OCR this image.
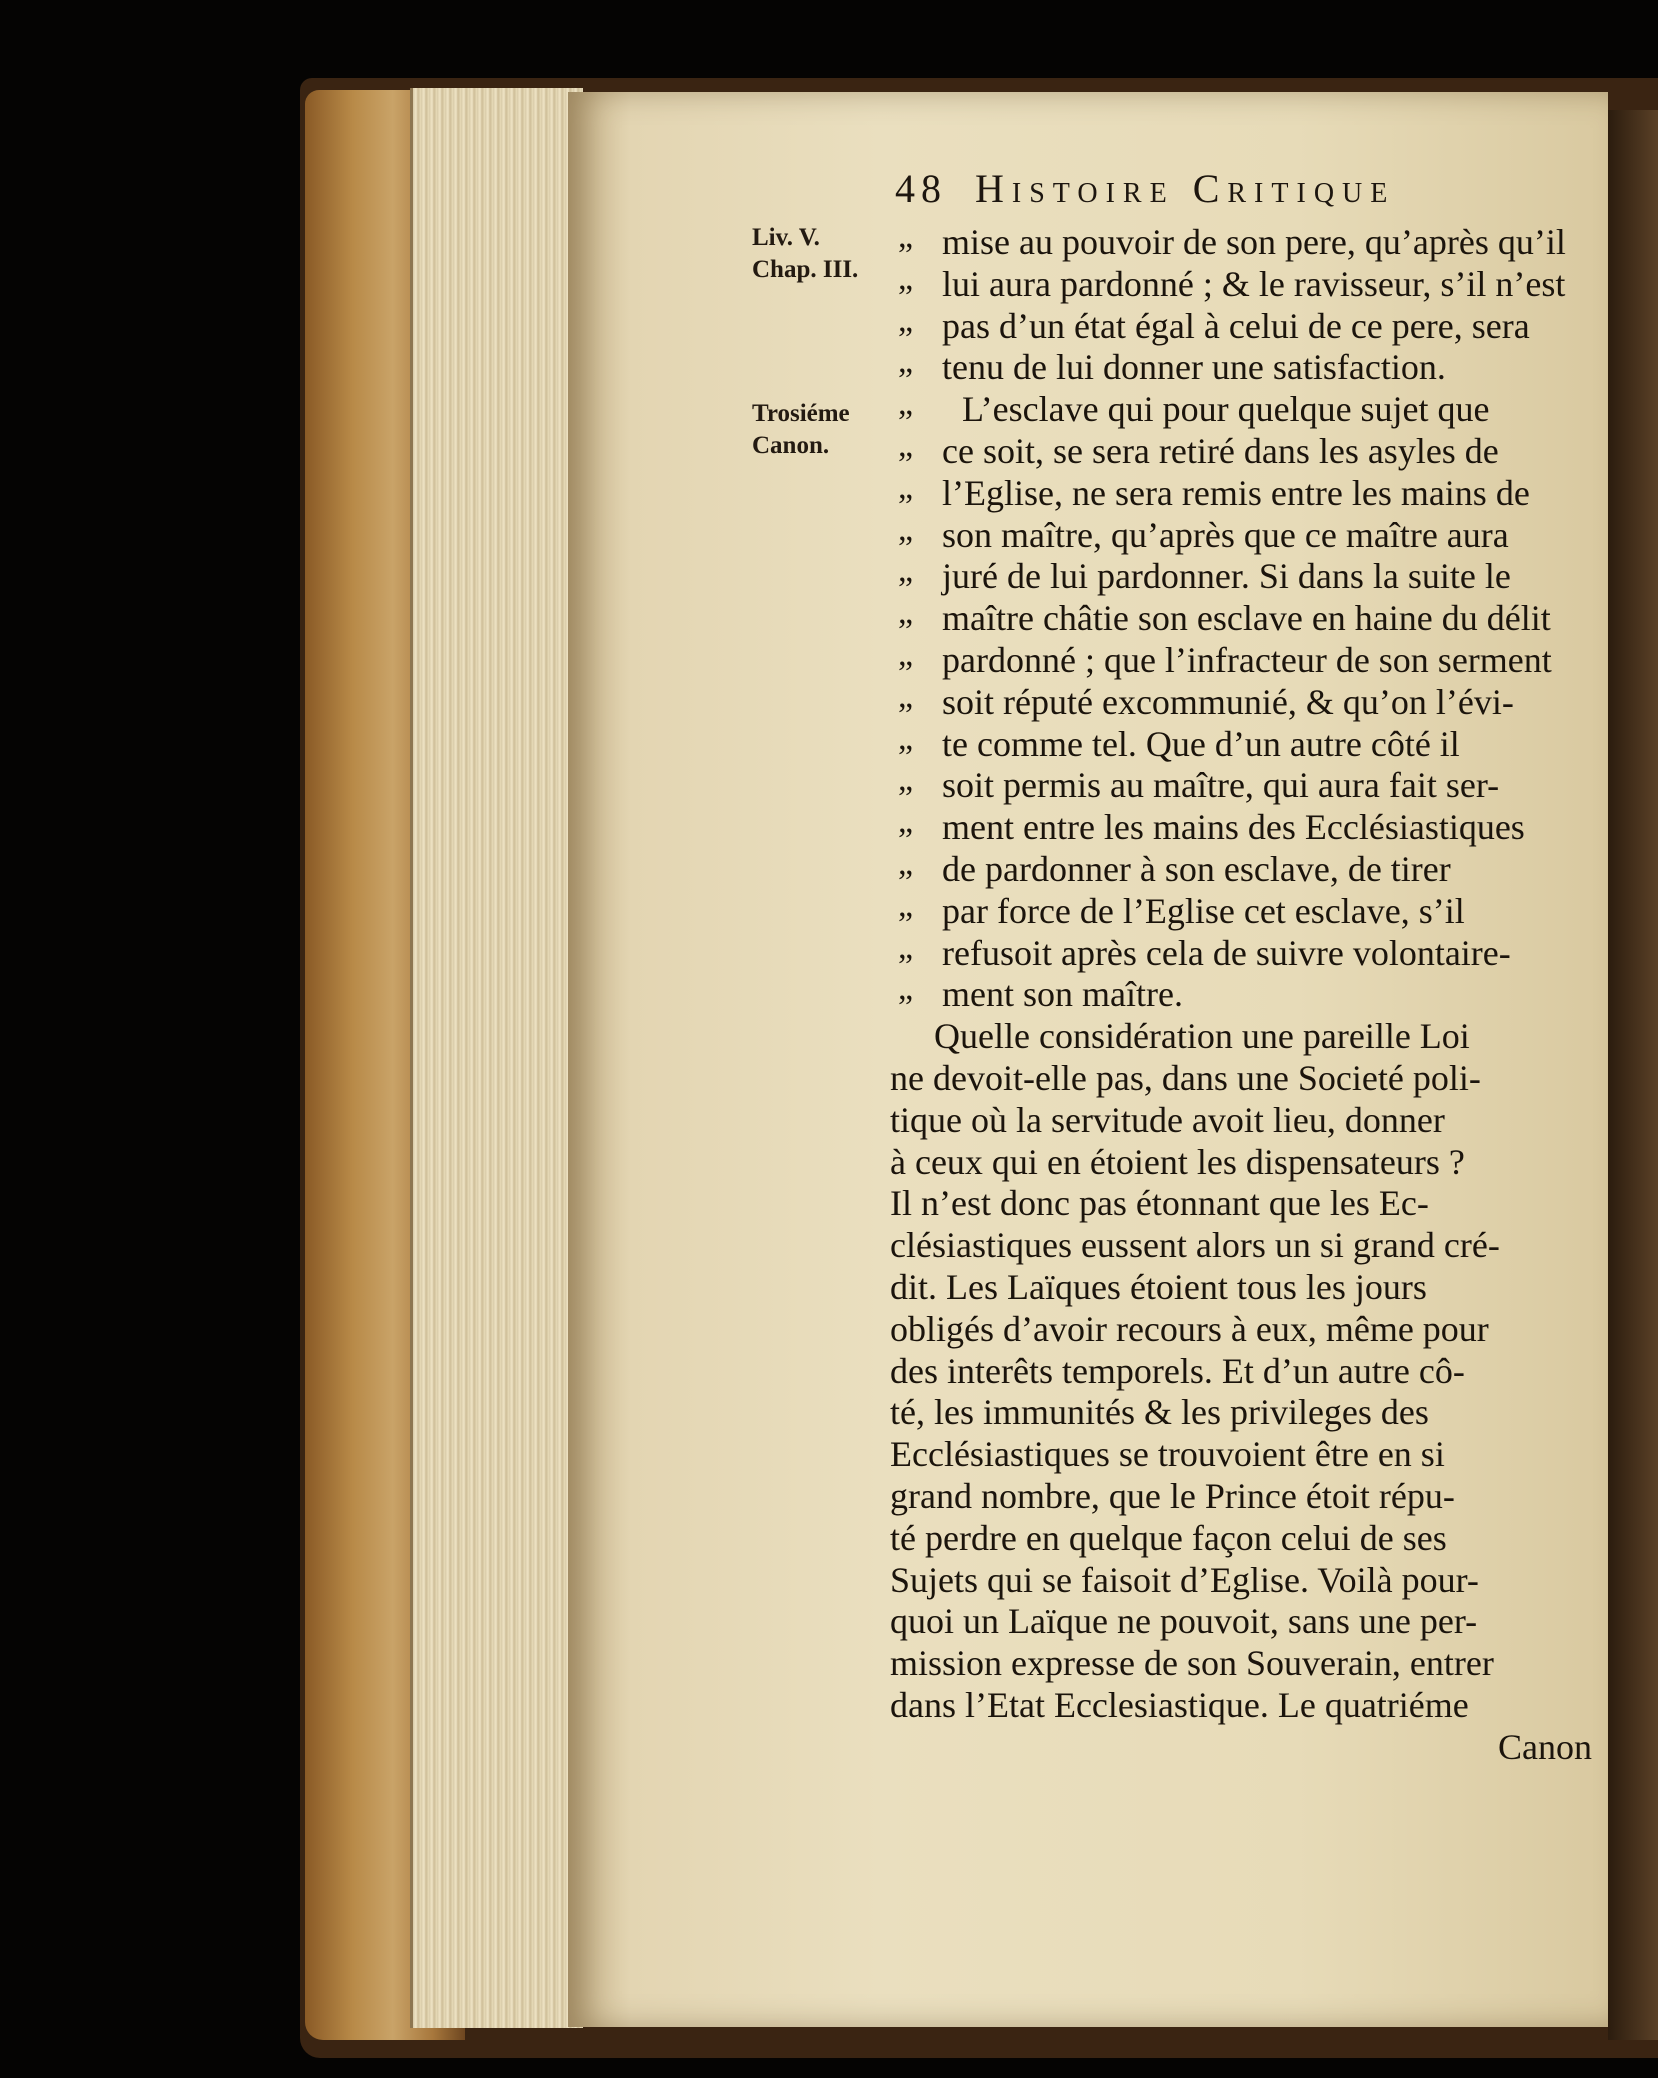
48 Histoire Critique
Liv. V.
Chap. III.
Trosiéme
Canon.
„ mise au pouvoir de son pere, qu’après qu’il
„ lui aura pardonné ; & le ravisseur, s’il n’est
„ pas d’un état égal à celui de ce pere, sera
„ tenu de lui donner une satisfaction.
„ L’esclave qui pour quelque sujet que
„ ce soit, se sera retiré dans les asyles de
„ l’Eglise, ne sera remis entre les mains de
„ son maître, qu’après que ce maître aura
„ juré de lui pardonner. Si dans la suite le
„ maître châtie son esclave en haine du délit
„ pardonné ; que l’infracteur de son serment
„ soit réputé excommunié, & qu’on l’évi-
„ te comme tel. Que d’un autre côté il
„ soit permis au maître, qui aura fait ser-
„ ment entre les mains des Ecclésiastiques
„ de pardonner à son esclave, de tirer
„ par force de l’Eglise cet esclave, s’il
„ refusoit après cela de suivre volontaire-
„ ment son maître.
Quelle considération une pareille Loi
ne devoit-elle pas, dans une Societé poli-
tique où la servitude avoit lieu, donner
à ceux qui en étoient les dispensateurs ?
Il n’est donc pas étonnant que les Ec-
clésiastiques eussent alors un si grand cré-
dit. Les Laïques étoient tous les jours
obligés d’avoir recours à eux, même pour
des interêts temporels. Et d’un autre cô-
té, les immunités & les privileges des
Ecclésiastiques se trouvoient être en si
grand nombre, que le Prince étoit répu-
té perdre en quelque façon celui de ses
Sujets qui se faisoit d’Eglise. Voilà pour-
quoi un Laïque ne pouvoit, sans une per-
mission expresse de son Souverain, entrer
dans l’Etat Ecclesiastique. Le quatriéme
Canon
